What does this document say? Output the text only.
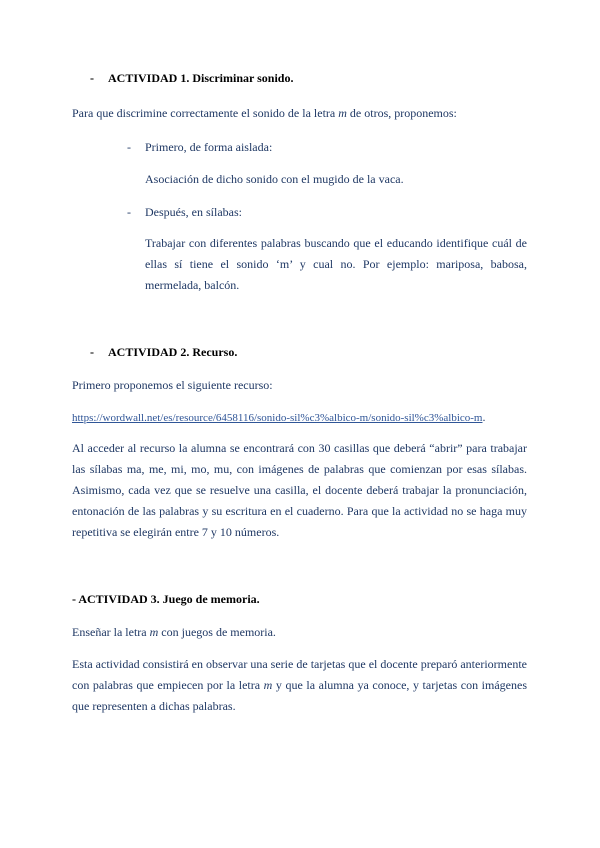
- ACTIVIDAD 1. Discriminar sonido.

Para que discrimine correctamente el sonido de la letra m de otros, proponemos:

- Primero, de forma aislada:

Asociación de dicho sonido con el mugido de la vaca.

- Después, en sílabas:

Trabajar con diferentes palabras buscando que el educando identifique cuál de ellas sí tiene el sonido ‘m’ y cual no. Por ejemplo: mariposa, babosa, mermelada, balcón.

- ACTIVIDAD 2. Recurso.

Primero proponemos el siguiente recurso:

https://wordwall.net/es/resource/6458116/sonido-sil%c3%albico-m/sonido-sil%c3%albico-m.

Al acceder al recurso la alumna se encontrará con 30 casillas que deberá “abrir” para trabajar las sílabas ma, me, mi, mo, mu, con imágenes de palabras que comienzan por esas sílabas. Asimismo, cada vez que se resuelve una casilla, el docente deberá trabajar la pronunciación, entonación de las palabras y su escritura en el cuaderno. Para que la actividad no se haga muy repetitiva se elegirán entre 7 y 10 números.

- ACTIVIDAD 3. Juego de memoria.

Enseñar la letra m con juegos de memoria.

Esta actividad consistirá en observar una serie de tarjetas que el docente preparó anteriormente con palabras que empiecen por la letra m y que la alumna ya conoce, y tarjetas con imágenes que representen a dichas palabras.
